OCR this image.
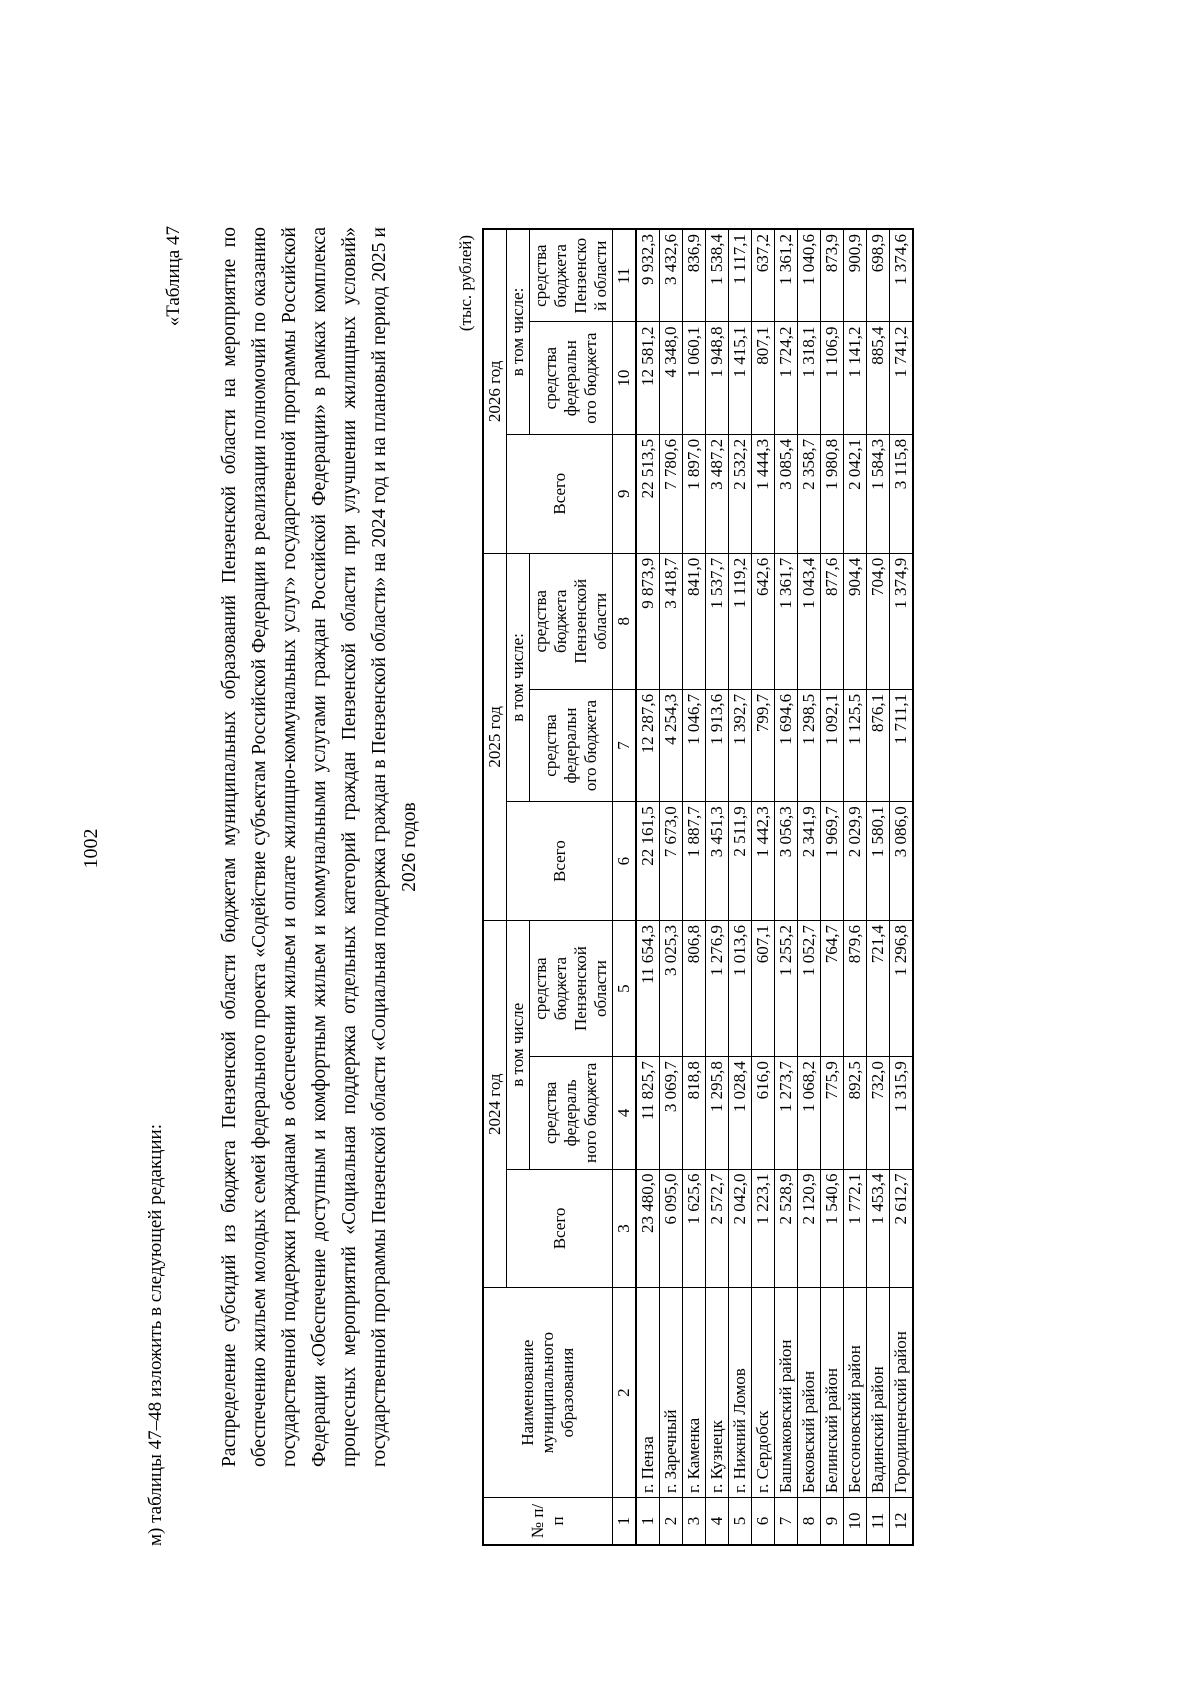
1002
м) таблицы 47–48 изложить в следующей редакции:
«Таблица 47 Распределение субсидий из бюджета Пензенской области бюджетам муниципальных образований Пензенской области на мероприятие по обеспечению жильем молодых семей федерального проекта «Содействие субъектам Российской Федерации в реализации полномочий по оказанию государственной поддержки гражданам в обеспечении жильем и оплате жилищно-коммунальных услуг» государственной программы Российской Федерации «Обеспечение доступным и комфортным жильем и коммунальными услугами граждан Российской Федерации» в рамках комплекса процессных мероприятий «Социальная поддержка отдельных категорий граждан Пензенской области при улучшении жилищных условий» государственной программы Пензенской области «Социальная поддержка граждан в Пензенской области» на 2024 год и на плановый период 2025 и 2026 годов
(тыс. рублей)
№ п/п	Наименование муниципального образования	2024 год			2025 год			2026 год		
		Всего	в том числе		Всего	в том числе:		Всего	в том числе:	
			средства федераль ного бюджета	средства бюджета Пензенской области		средства федеральн ого бюджета	средства бюджета Пензенской области		средства федеральн ого бюджета	средства бюджета Пензенско й области
1	2	3	4	5	6	7	8	9	10	11
1	г. Пенза	23 480,0	11 825,7	11 654,3	22 161,5	12 287,6	9 873,9	22 513,5	12 581,2	9 932,3
2	г. Заречный	6 095,0	3 069,7	3 025,3	7 673,0	4 254,3	3 418,7	7 780,6	4 348,0	3 432,6
3	г. Каменка	1 625,6	818,8	806,8	1 887,7	1 046,7	841,0	1 897,0	1 060,1	836,9
4	г. Кузнецк	2 572,7	1 295,8	1 276,9	3 451,3	1 913,6	1 537,7	3 487,2	1 948,8	1 538,4
5	г. Нижний Ломов	2 042,0	1 028,4	1 013,6	2 511,9	1 392,7	1 119,2	2 532,2	1 415,1	1 117,1
6	г. Сердобск	1 223,1	616,0	607,1	1 442,3	799,7	642,6	1 444,3	807,1	637,2
7	Башмаковский район	2 528,9	1 273,7	1 255,2	3 056,3	1 694,6	1 361,7	3 085,4	1 724,2	1 361,2
8	Бековский район	2 120,9	1 068,2	1 052,7	2 341,9	1 298,5	1 043,4	2 358,7	1 318,1	1 040,6
9	Белинский район	1 540,6	775,9	764,7	1 969,7	1 092,1	877,6	1 980,8	1 106,9	873,9
10	Бессоновский район	1 772,1	892,5	879,6	2 029,9	1 125,5	904,4	2 042,1	1 141,2	900,9
11	Вадинский район	1 453,4	732,0	721,4	1 580,1	876,1	704,0	1 584,3	885,4	698,9
12	Городищенский район	2 612,7	1 315,9	1 296,8	3 086,0	1 711,1	1 374,9	3 115,8	1 741,2	1 374,6
